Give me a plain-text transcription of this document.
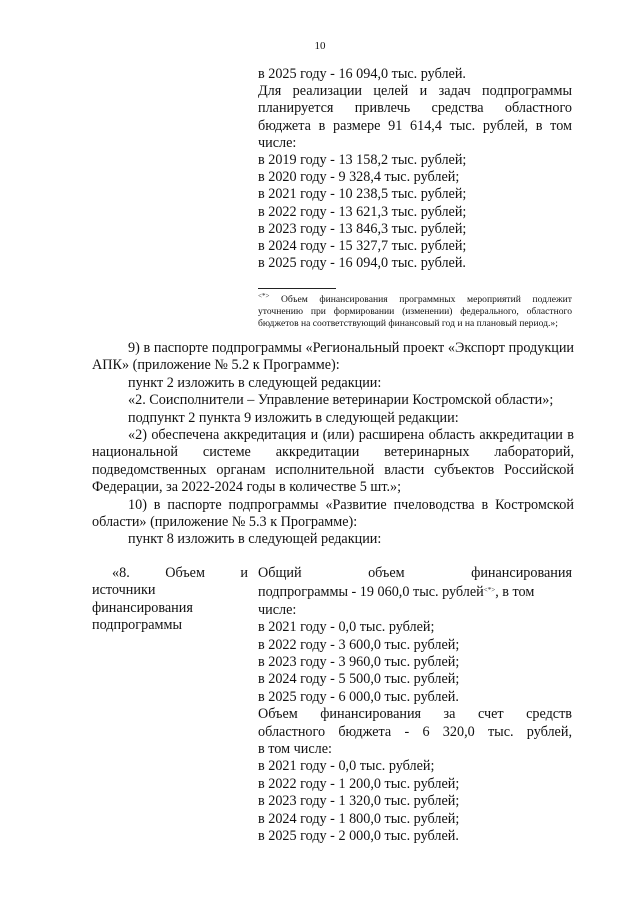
10
в 2025 году - 16 094,0 тыс. рублей.
Для реализации целей и задач подпрограммы
планируется привлечь средства областного
бюджета в размере 91 614,4 тыс. рублей, в том
числе:
в 2019 году - 13 158,2 тыс. рублей;
в 2020 году - 9 328,4 тыс. рублей;
в 2021 году - 10 238,5 тыс. рублей;
в 2022 году - 13 621,3 тыс. рублей;
в 2023 году - 13 846,3 тыс. рублей;
в 2024 году - 15 327,7 тыс. рублей;
в 2025 году - 16 094,0 тыс. рублей.
<*> Объем финансирования программных мероприятий подлежит уточнению при формировании (изменении) федерального, областного бюджетов на соответствующий финансовый год и на плановый период.»;
9) в паспорте подпрограммы «Региональный проект «Экспорт продукции АПК» (приложение № 5.2 к Программе):
пункт 2 изложить в следующей редакции:
«2. Соисполнители – Управление ветеринарии Костромской области»;
подпункт 2 пункта 9 изложить в следующей редакции:
«2) обеспечена аккредитация и (или) расширена область аккредитации в национальной системе аккредитации ветеринарных лабораторий, подведомственных органам исполнительной власти субъектов Российской Федерации, за 2022-2024 годы в количестве 5 шт.»;
10) в паспорте подпрограммы «Развитие пчеловодства в Костромской области» (приложение № 5.3 к Программе):
пункт 8 изложить в следующей редакции:
«8. Объем и
источники
финансирования
подпрограммы
Общий объем финансирования
подпрограммы - 19 060,0 тыс. рублей<*>, в том
числе:
в 2021 году - 0,0 тыс. рублей;
в 2022 году - 3 600,0 тыс. рублей;
в 2023 году - 3 960,0 тыс. рублей;
в 2024 году - 5 500,0 тыс. рублей;
в 2025 году - 6 000,0 тыс. рублей.
Объем финансирования за счет средств
областного бюджета - 6 320,0 тыс. рублей,
в том числе:
в 2021 году - 0,0 тыс. рублей;
в 2022 году - 1 200,0 тыс. рублей;
в 2023 году - 1 320,0 тыс. рублей;
в 2024 году - 1 800,0 тыс. рублей;
в 2025 году - 2 000,0 тыс. рублей.
